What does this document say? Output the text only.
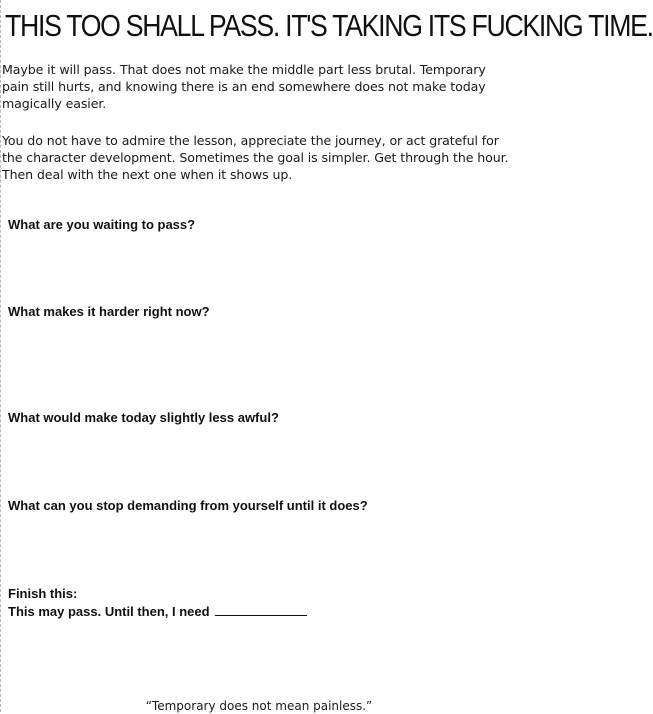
THIS TOO SHALL PASS. IT'S TAKING ITS FUCKING TIME.

Maybe it will pass. That does not make the middle part less brutal. Temporary pain still hurts, and knowing there is an end somewhere does not make today magically easier.

You do not have to admire the lesson, appreciate the journey, or act grateful for the character development. Sometimes the goal is simpler. Get through the hour. Then deal with the next one when it shows up.

What are you waiting to pass?

What makes it harder right now?

What would make today slightly less awful?

What can you stop demanding from yourself until it does?

Finish this:

This may pass. Until then, I need

“Temporary does not mean painless.”
